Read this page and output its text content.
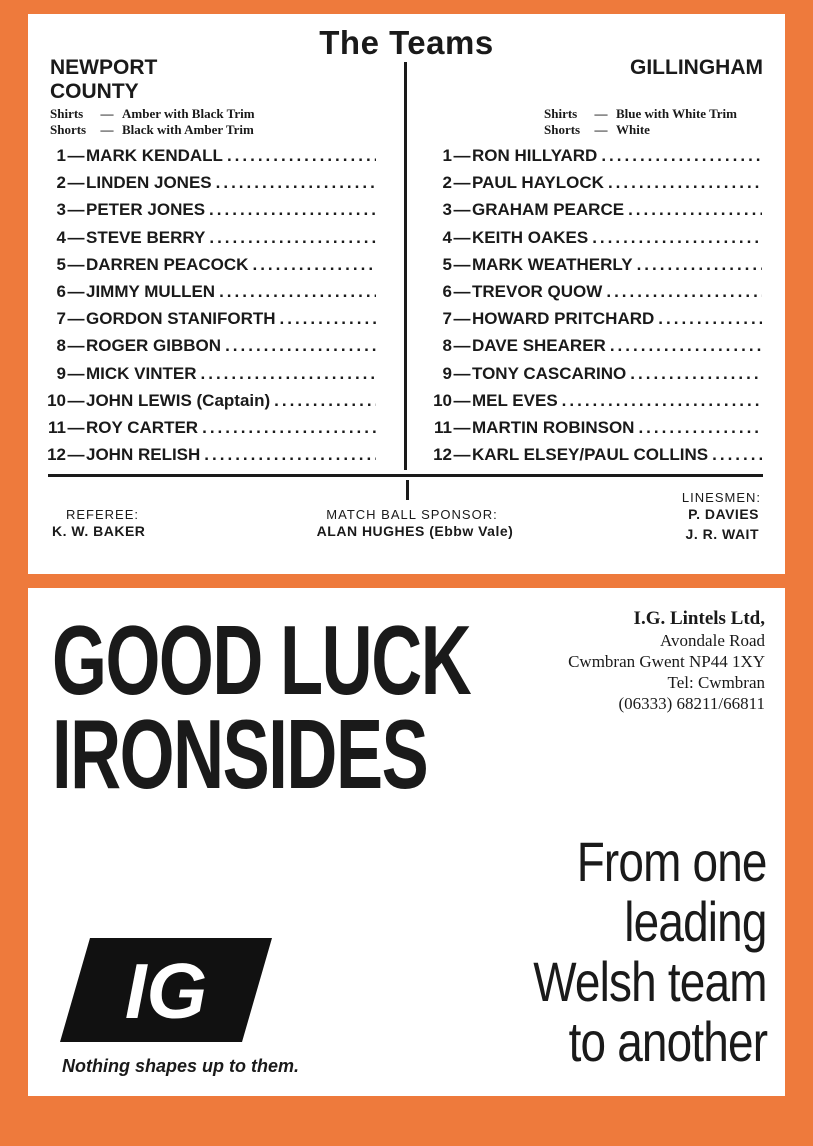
The Teams
NEWPORT
COUNTY
GILLINGHAM
Shirts — Amber with Black Trim
Shorts — Black with Amber Trim
Shirts — Blue with White Trim
Shorts — White
1 — MARK KENDALL
.....
2 — LINDEN JONES
.....
3 — PETER JONES
.....
4 — STEVE BERRY
.....
5 — DARREN PEACOCK
.....
6 — JIMMY MULLEN
.....
7 — GORDON STANIFORTH
.....
8 — ROGER GIBBON
.....
9 — MICK VINTER
.....
10 — JOHN LEWIS (Captain)
.....
11 — ROY CARTER
.....
12 — JOHN RELISH
.....
1 — RON HILLYARD
.....
2 — PAUL HAYLOCK
.....
3 — GRAHAM PEARCE
.....
4 — KEITH OAKES
.....
5 — MARK WEATHERLY
.....
6 — TREVOR QUOW
.....
7 — HOWARD PRITCHARD
.....
8 — DAVE SHEARER
.....
9 — TONY CASCARINO
.....
10 — MEL EVES
.....
11 — MARTIN ROBINSON
.....
12 — KARL ELSEY/PAUL COLLINS
.....
REFEREE:
K. W. BAKER
MATCH BALL SPONSOR:
ALAN HUGHES (Ebbw Vale)
LINESMEN:
P. DAVIES
J. R. WAIT
GOOD LUCK
IRONSIDES
I.G. Lintels Ltd,
Avondale Road
Cwmbran Gwent NP44 1XY
Tel: Cwmbran
(06333) 68211/66811
From one
leading
Welsh team
to another
IG
Nothing shapes up to them.
